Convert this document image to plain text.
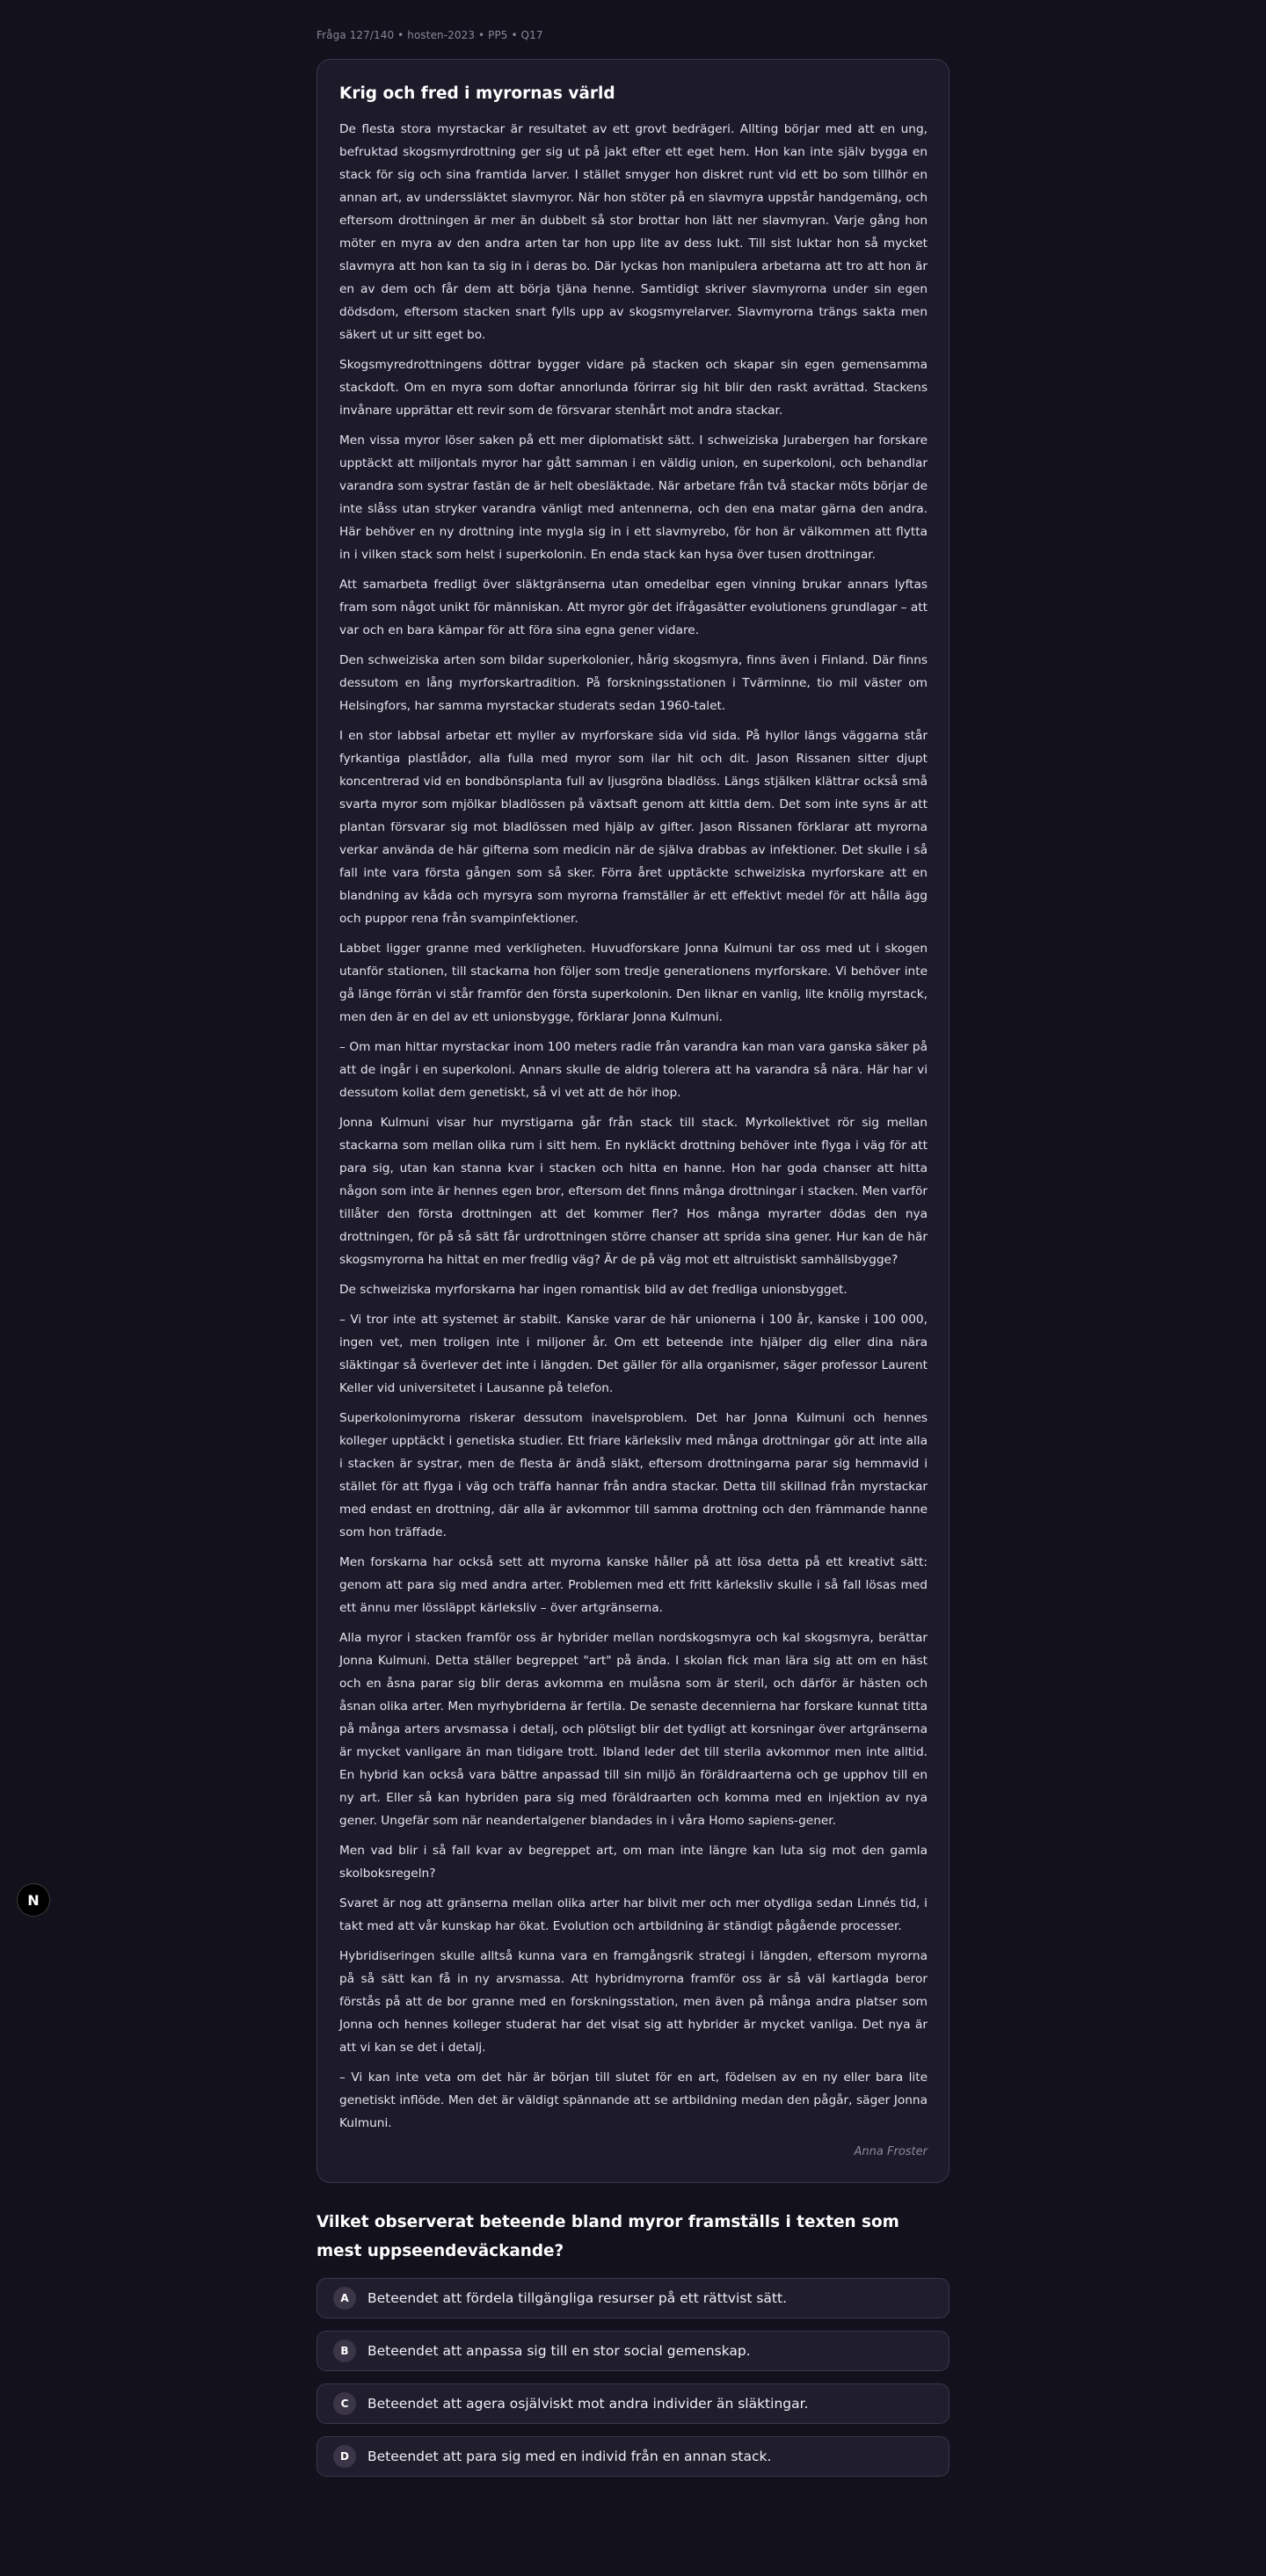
Fråga 127/140 • hosten-2023 • PP5 • Q17
Krig och fred i myrornas värld

De flesta stora myrstackar är resultatet av ett grovt bedrägeri. Allting börjar med att en ung, befruktad skogsmyrdrottning ger sig ut på jakt efter ett eget hem. Hon kan inte själv bygga en stack för sig och sina framtida larver. I stället smyger hon diskret runt vid ett bo som tillhör en annan art, av underssläktet slavmyror. När hon stöter på en slavmyra uppstår handgemäng, och eftersom drottningen är mer än dubbelt så stor brottar hon lätt ner slavmyran. Varje gång hon möter en myra av den andra arten tar hon upp lite av dess lukt. Till sist luktar hon så mycket slavmyra att hon kan ta sig in i deras bo. Där lyckas hon manipulera arbetarna att tro att hon är en av dem och får dem att börja tjäna henne. Samtidigt skriver slavmyrorna under sin egen dödsdom, eftersom stacken snart fylls upp av skogsmyrelarver. Slavmyrorna trängs sakta men säkert ut ur sitt eget bo.

Skogsmyredrottningens döttrar bygger vidare på stacken och skapar sin egen gemensamma stackdoft. Om en myra som doftar annorlunda förirrar sig hit blir den raskt avrättad. Stackens invånare upprättar ett revir som de försvarar stenhårt mot andra stackar.

Men vissa myror löser saken på ett mer diplomatiskt sätt. I schweiziska Jurabergen har forskare upptäckt att miljontals myror har gått samman i en väldig union, en superkoloni, och behandlar varandra som systrar fastän de är helt obesläktade. När arbetare från två stackar möts börjar de inte slåss utan stryker varandra vänligt med antennerna, och den ena matar gärna den andra. Här behöver en ny drottning inte mygla sig in i ett slavmyrebo, för hon är välkommen att flytta in i vilken stack som helst i superkolonin. En enda stack kan hysa över tusen drottningar.

Att samarbeta fredligt över släktgränserna utan omedelbar egen vinning brukar annars lyftas fram som något unikt för människan. Att myror gör det ifrågasätter evolutionens grundlagar – att var och en bara kämpar för att föra sina egna gener vidare.

Den schweiziska arten som bildar superkolonier, hårig skogsmyra, finns även i Finland. Där finns dessutom en lång myrforskartradition. På forskningsstationen i Tvärminne, tio mil väster om Helsingfors, har samma myrstackar studerats sedan 1960-talet.

I en stor labbsal arbetar ett myller av myrforskare sida vid sida. På hyllor längs väggarna står fyrkantiga plastlådor, alla fulla med myror som ilar hit och dit. Jason Rissanen sitter djupt koncentrerad vid en bondbönsplanta full av ljusgröna bladlöss. Längs stjälken klättrar också små svarta myror som mjölkar bladlössen på växtsaft genom att kittla dem. Det som inte syns är att plantan försvarar sig mot bladlössen med hjälp av gifter. Jason Rissanen förklarar att myrorna verkar använda de här gifterna som medicin när de själva drabbas av infektioner. Det skulle i så fall inte vara första gången som så sker. Förra året upptäckte schweiziska myrforskare att en blandning av kåda och myrsyra som myrorna framställer är ett effektivt medel för att hålla ägg och puppor rena från svampinfektioner.

Labbet ligger granne med verkligheten. Huvudforskare Jonna Kulmuni tar oss med ut i skogen utanför stationen, till stackarna hon följer som tredje generationens myrforskare. Vi behöver inte gå länge förrän vi står framför den första superkolonin. Den liknar en vanlig, lite knölig myrstack, men den är en del av ett unionsbygge, förklarar Jonna Kulmuni.

– Om man hittar myrstackar inom 100 meters radie från varandra kan man vara ganska säker på att de ingår i en superkoloni. Annars skulle de aldrig tolerera att ha varandra så nära. Här har vi dessutom kollat dem genetiskt, så vi vet att de hör ihop.

Jonna Kulmuni visar hur myrstigarna går från stack till stack. Myrkollektivet rör sig mellan stackarna som mellan olika rum i sitt hem. En nykläckt drottning behöver inte flyga i väg för att para sig, utan kan stanna kvar i stacken och hitta en hanne. Hon har goda chanser att hitta någon som inte är hennes egen bror, eftersom det finns många drottningar i stacken. Men varför tillåter den första drottningen att det kommer fler? Hos många myrarter dödas den nya drottningen, för på så sätt får urdrottningen större chanser att sprida sina gener. Hur kan de här skogsmyrorna ha hittat en mer fredlig väg? Är de på väg mot ett altruistiskt samhällsbygge?

De schweiziska myrforskarna har ingen romantisk bild av det fredliga unionsbygget.

– Vi tror inte att systemet är stabilt. Kanske varar de här unionerna i 100 år, kanske i 100 000, ingen vet, men troligen inte i miljoner år. Om ett beteende inte hjälper dig eller dina nära släktingar så överlever det inte i längden. Det gäller för alla organismer, säger professor Laurent Keller vid universitetet i Lausanne på telefon.

Superkolonimyrorna riskerar dessutom inavelsproblem. Det har Jonna Kulmuni och hennes kolleger upptäckt i genetiska studier. Ett friare kärleksliv med många drottningar gör att inte alla i stacken är systrar, men de flesta är ändå släkt, eftersom drottningarna parar sig hemmavid i stället för att flyga i väg och träffa hannar från andra stackar. Detta till skillnad från myrstackar med endast en drottning, där alla är avkommor till samma drottning och den främmande hanne som hon träffade.

Men forskarna har också sett att myrorna kanske håller på att lösa detta på ett kreativt sätt: genom att para sig med andra arter. Problemen med ett fritt kärleksliv skulle i så fall lösas med ett ännu mer lössläppt kärleksliv – över artgränserna.

Alla myror i stacken framför oss är hybrider mellan nordskogsmyra och kal skogsmyra, berättar Jonna Kulmuni. Detta ställer begreppet "art" på ända. I skolan fick man lära sig att om en häst och en åsna parar sig blir deras avkomma en mulåsna som är steril, och därför är hästen och åsnan olika arter. Men myrhybriderna är fertila. De senaste decennierna har forskare kunnat titta på många arters arvsmassa i detalj, och plötsligt blir det tydligt att korsningar över artgränserna är mycket vanligare än man tidigare trott. Ibland leder det till sterila avkommor men inte alltid. En hybrid kan också vara bättre anpassad till sin miljö än föräldraarterna och ge upphov till en ny art. Eller så kan hybriden para sig med föräldraarten och komma med en injektion av nya gener. Ungefär som när neandertalgener blandades in i våra Homo sapiens-gener.

Men vad blir i så fall kvar av begreppet art, om man inte längre kan luta sig mot den gamla skolboksregeln?

Svaret är nog att gränserna mellan olika arter har blivit mer och mer otydliga sedan Linnés tid, i takt med att vår kunskap har ökat. Evolution och artbildning är ständigt pågående processer.

Hybridiseringen skulle alltså kunna vara en framgångsrik strategi i längden, eftersom myrorna på så sätt kan få in ny arvsmassa. Att hybridmyrorna framför oss är så väl kartlagda beror förstås på att de bor granne med en forskningsstation, men även på många andra platser som Jonna och hennes kolleger studerat har det visat sig att hybrider är mycket vanliga. Det nya är att vi kan se det i detalj.

– Vi kan inte veta om det här är början till slutet för en art, födelsen av en ny eller bara lite genetiskt inflöde. Men det är väldigt spännande att se artbildning medan den pågår, säger Jonna Kulmuni.

Anna Froster
Vilket observerat beteende bland myror framställs i texten som mest uppseendeväckande?
A	Beteendet att fördela tillgängliga resurser på ett rättvist sätt.
B	Beteendet att anpassa sig till en stor social gemenskap.
C	Beteendet att agera osjälviskt mot andra individer än släktingar.
D	Beteendet att para sig med en individ från en annan stack.
N
